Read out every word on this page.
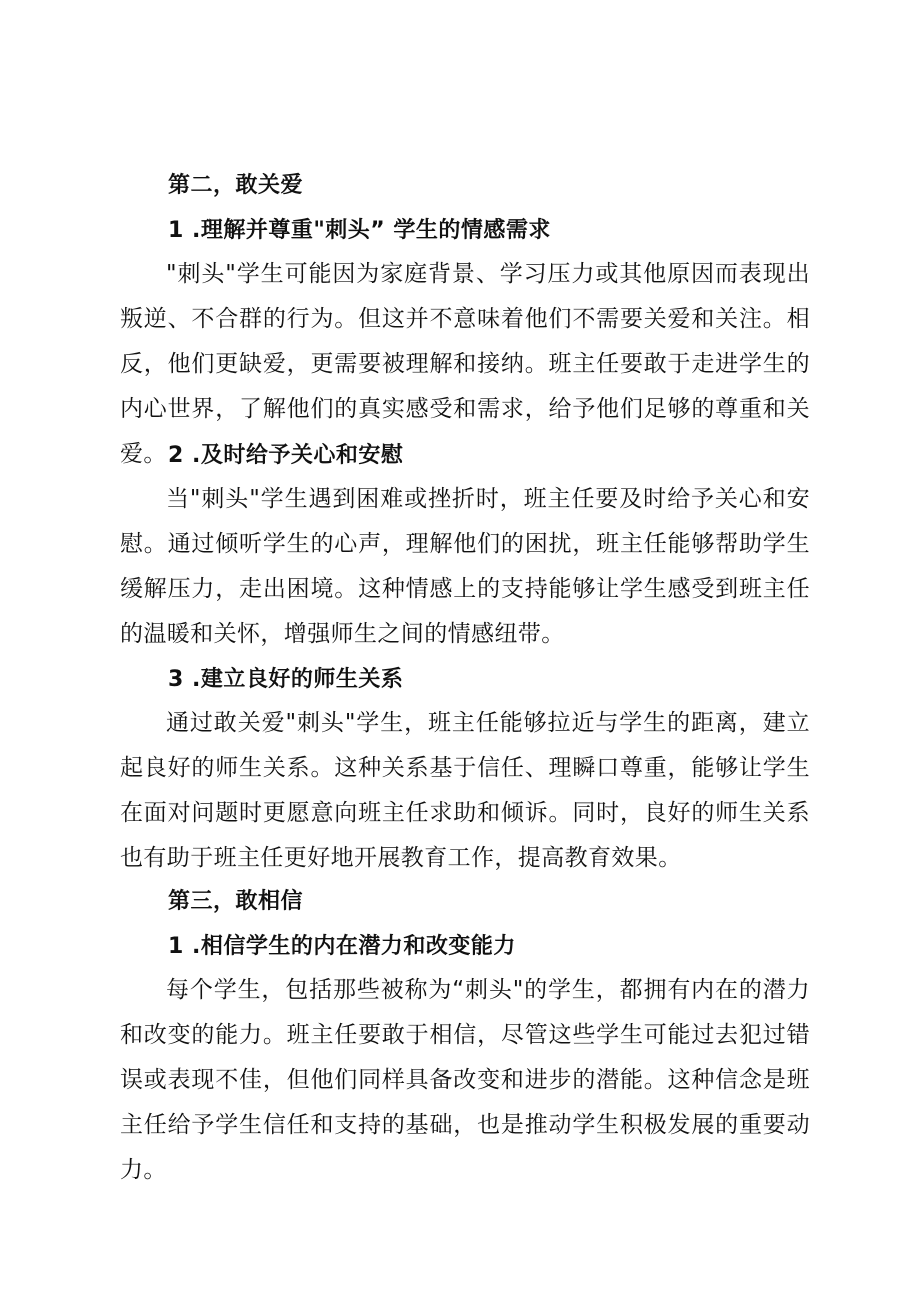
第二，敢关爱
1 .理解并尊重"刺头” 学生的情感需求

"刺头"学生可能因为家庭背景、学习压力或其他原因而表现出叛逆、不合群的行为。但这并不意味着他们不需要关爱和关注。相反，他们更缺爱，更需要被理解和接纳。班主任要敢于走进学生的内心世界，了解他们的真实感受和需求，给予他们足够的尊重和关爱。 2 .及时给予关心和安慰

当"刺头"学生遇到困难或挫折时，班主任要及时给予关心和安慰。通过倾听学生的心声，理解他们的困扰，班主任能够帮助学生缓解压力，走出困境。这种情感上的支持能够让学生感受到班主任的温暖和关怀，增强师生之间的情感纽带。

3 .建立良好的师生关系

通过敢关爱"刺头"学生，班主任能够拉近与学生的距离，建立起良好的师生关系。这种关系基于信任、理瞬口尊重，能够让学生在面对问题时更愿意向班主任求助和倾诉。同时，良好的师生关系也有助于班主任更好地开展教育工作，提高教育效果。

第三，敢相信
1 .相信学生的内在潜力和改变能力

每个学生，包括那些被称为“刺头"的学生，都拥有内在的潜力和改变的能力。班主任要敢于相信，尽管这些学生可能过去犯过错误或表现不佳，但他们同样具备改变和进步的潜能。这种信念是班主任给予学生信任和支持的基础，也是推动学生积极发展的重要动力。
